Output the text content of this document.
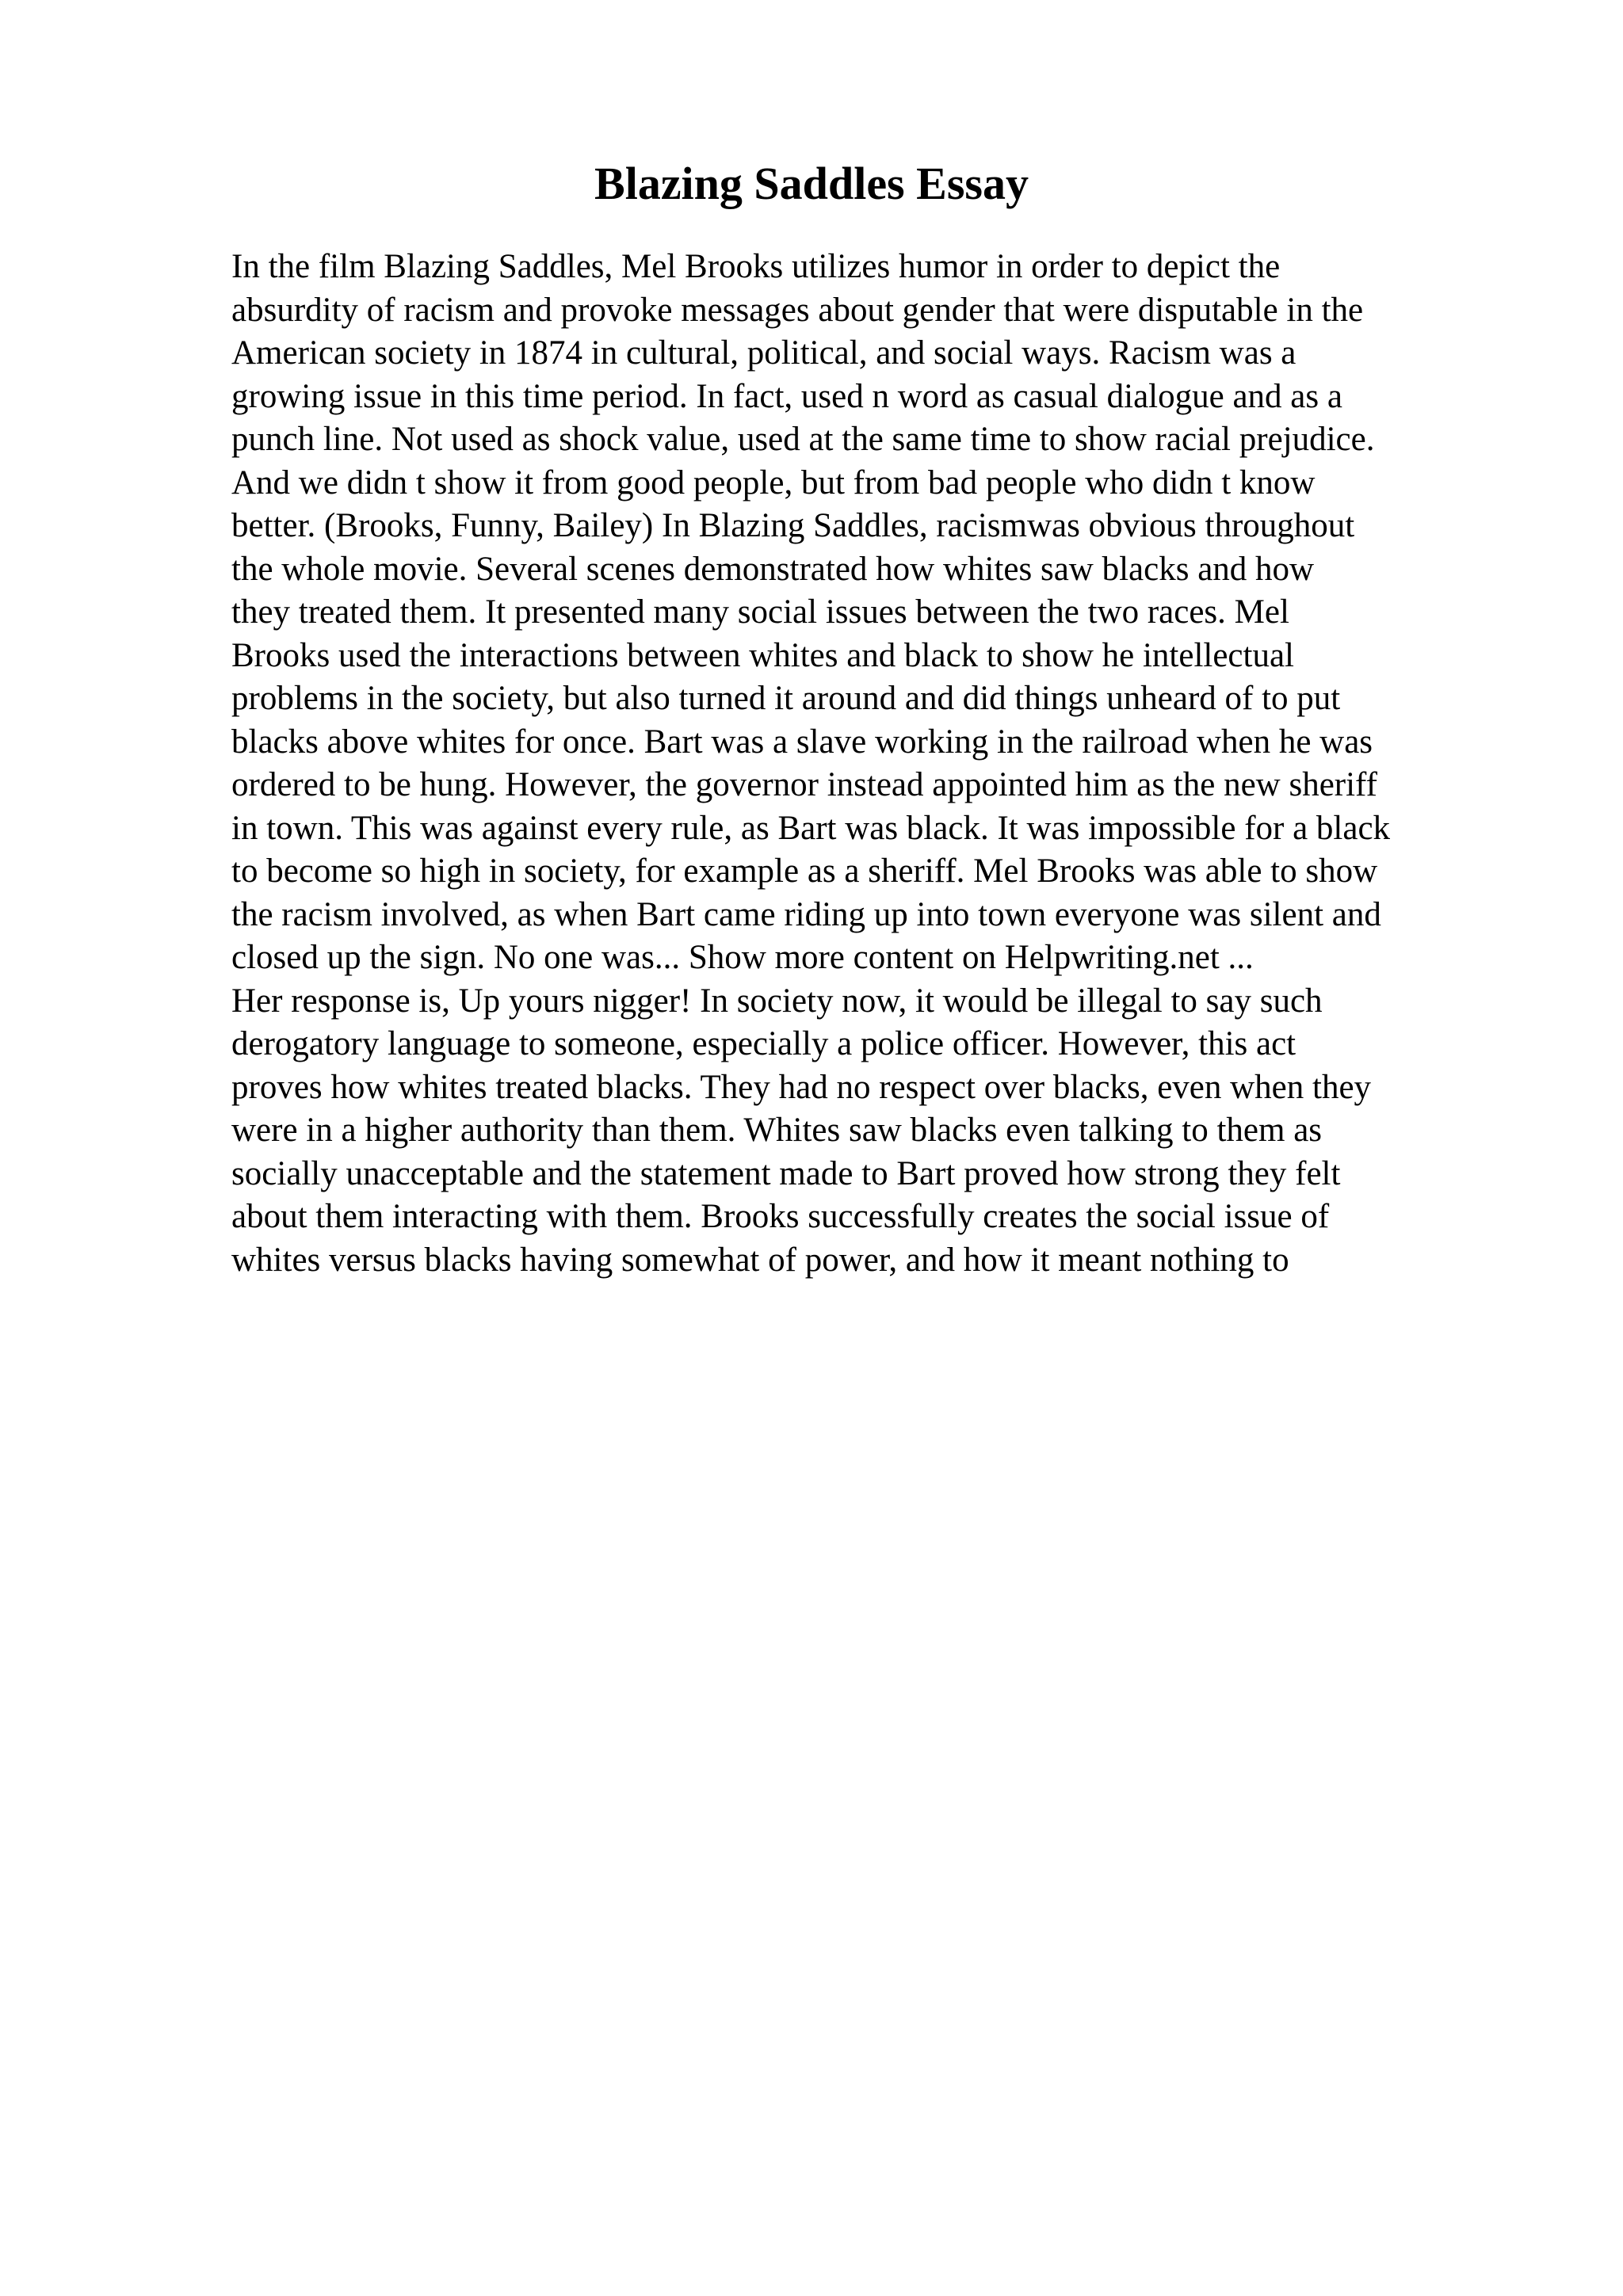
Blazing Saddles Essay
In the film Blazing Saddles, Mel Brooks utilizes humor in order to depict the
absurdity of racism and provoke messages about gender that were disputable in the
American society in 1874 in cultural, political, and social ways. Racism was a
growing issue in this time period. In fact, used n word as casual dialogue and as a
punch line. Not used as shock value, used at the same time to show racial prejudice.
And we didn t show it from good people, but from bad people who didn t know
better. (Brooks, Funny, Bailey) In Blazing Saddles, racismwas obvious throughout
the whole movie. Several scenes demonstrated how whites saw blacks and how
they treated them. It presented many social issues between the two races. Mel
Brooks used the interactions between whites and black to show he intellectual
problems in the society, but also turned it around and did things unheard of to put
blacks above whites for once. Bart was a slave working in the railroad when he was
ordered to be hung. However, the governor instead appointed him as the new sheriff
in town. This was against every rule, as Bart was black. It was impossible for a black
to become so high in society, for example as a sheriff. Mel Brooks was able to show
the racism involved, as when Bart came riding up into town everyone was silent and
closed up the sign. No one was... Show more content on Helpwriting.net ...
Her response is, Up yours nigger! In society now, it would be illegal to say such
derogatory language to someone, especially a police officer. However, this act
proves how whites treated blacks. They had no respect over blacks, even when they
were in a higher authority than them. Whites saw blacks even talking to them as
socially unacceptable and the statement made to Bart proved how strong they felt
about them interacting with them. Brooks successfully creates the social issue of
whites versus blacks having somewhat of power, and how it meant nothing to
